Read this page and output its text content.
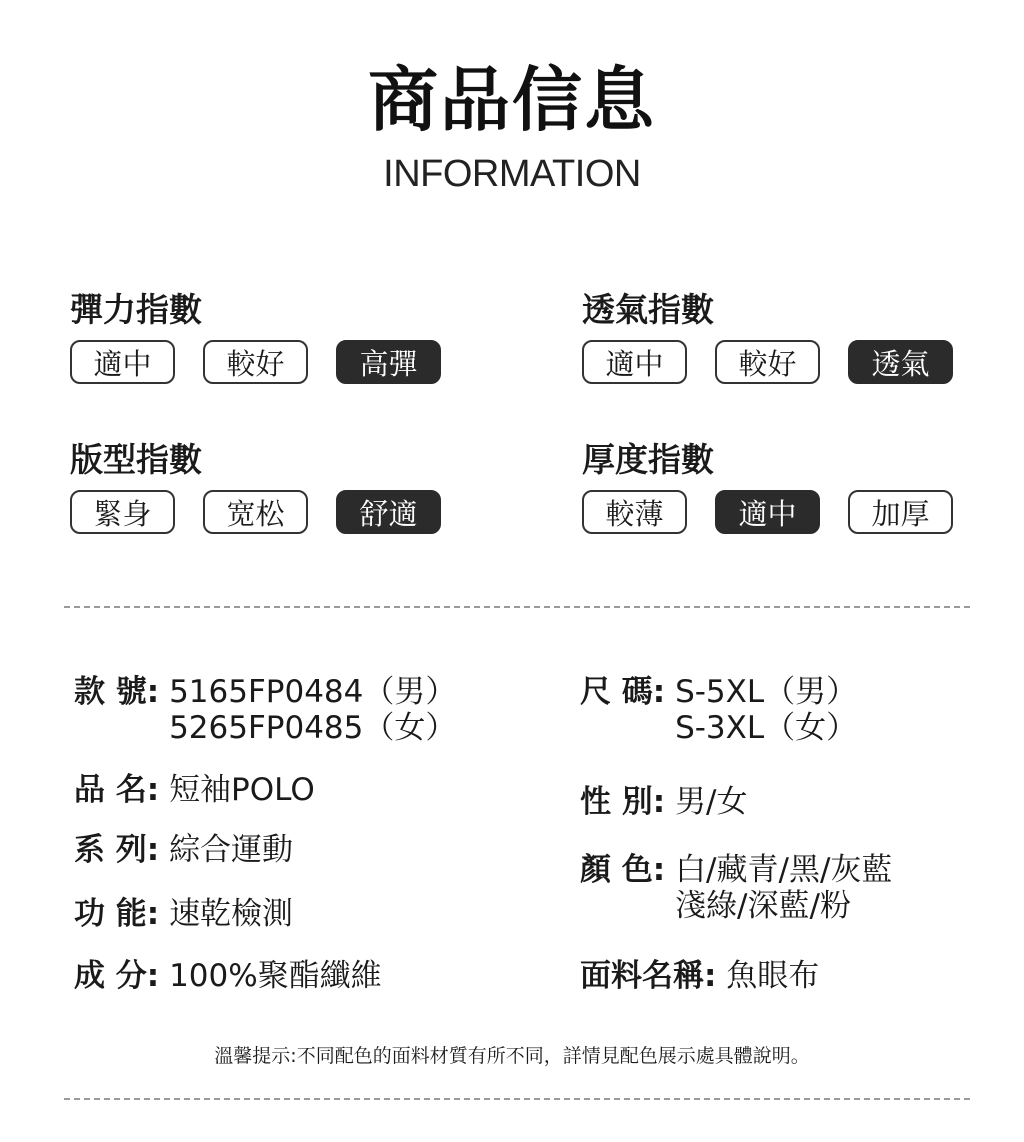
商品信息
INFORMATION
彈力指數
適中	較好	高彈
透氣指數
適中	較好	透氣
版型指數
緊身	宽松	舒適
厚度指數
較薄	適中	加厚
款 號: 5165FP0484（男）
5265FP0485（女）
品 名: 短袖POLO
系 列: 綜合運動
功 能: 速乾檢測
成 分: 100%聚酯纖維
尺 碼: S-5XL（男）
S-3XL（女）
性 別: 男/女
顏 色: 白/藏青/黑/灰藍
淺綠/深藍/粉
面料名稱: 魚眼布
溫馨提示:不同配色的面料材質有所不同，詳情見配色展示處具體說明。
